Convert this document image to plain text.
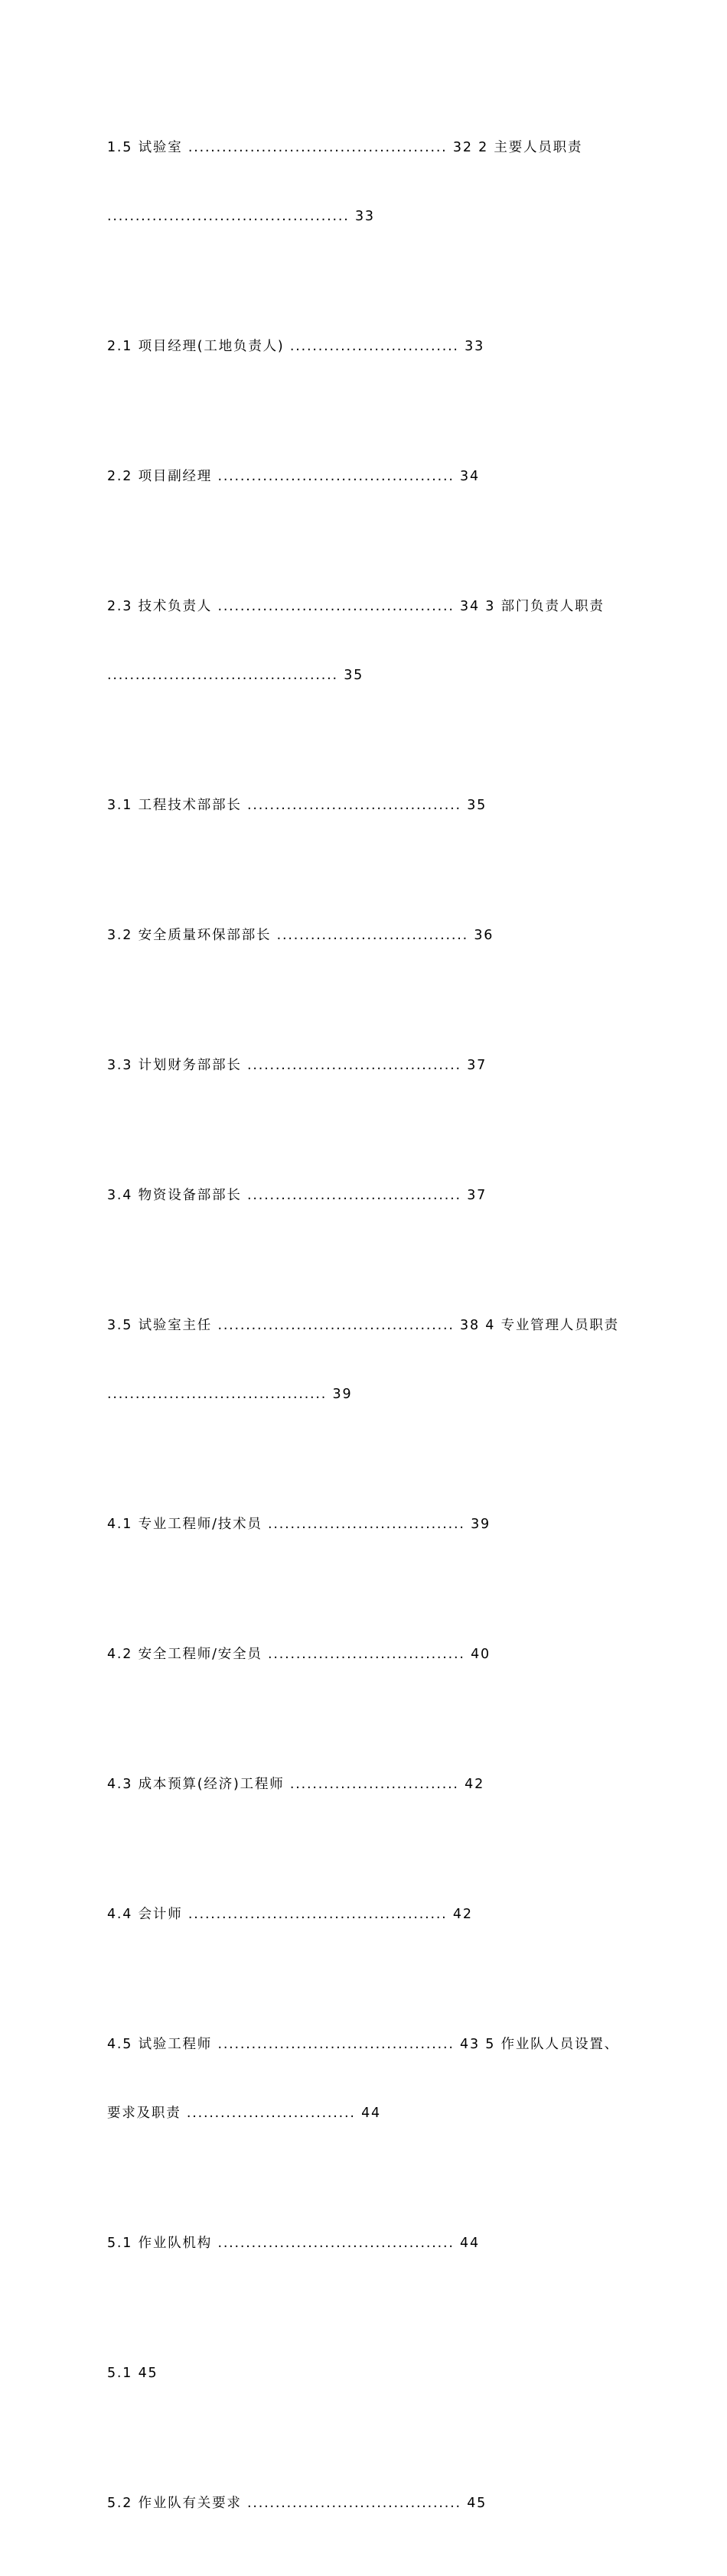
1.5 试验室 .............................................. 32 2 主要人员职责

........................................... 33

2.1 项目经理(工地负责人) .............................. 33

2.2 项目副经理 .......................................... 34

2.3 技术负责人 .......................................... 34 3 部门负责人职责

......................................... 35

3.1 工程技术部部长 ...................................... 35

3.2 安全质量环保部部长 .................................. 36

3.3 计划财务部部长 ...................................... 37

3.4 物资设备部部长 ...................................... 37

3.5 试验室主任 .......................................... 38 4 专业管理人员职责

....................................... 39

4.1 专业工程师/技术员 ................................... 39

4.2 安全工程师/安全员 ................................... 40

4.3 成本预算(经济)工程师 .............................. 42

4.4 会计师 .............................................. 42

4.5 试验工程师 .......................................... 43 5 作业队人员设置、

要求及职责 .............................. 44

5.1 作业队机构 .......................................... 44

5.1 45

5.2 作业队有关要求 ...................................... 45
